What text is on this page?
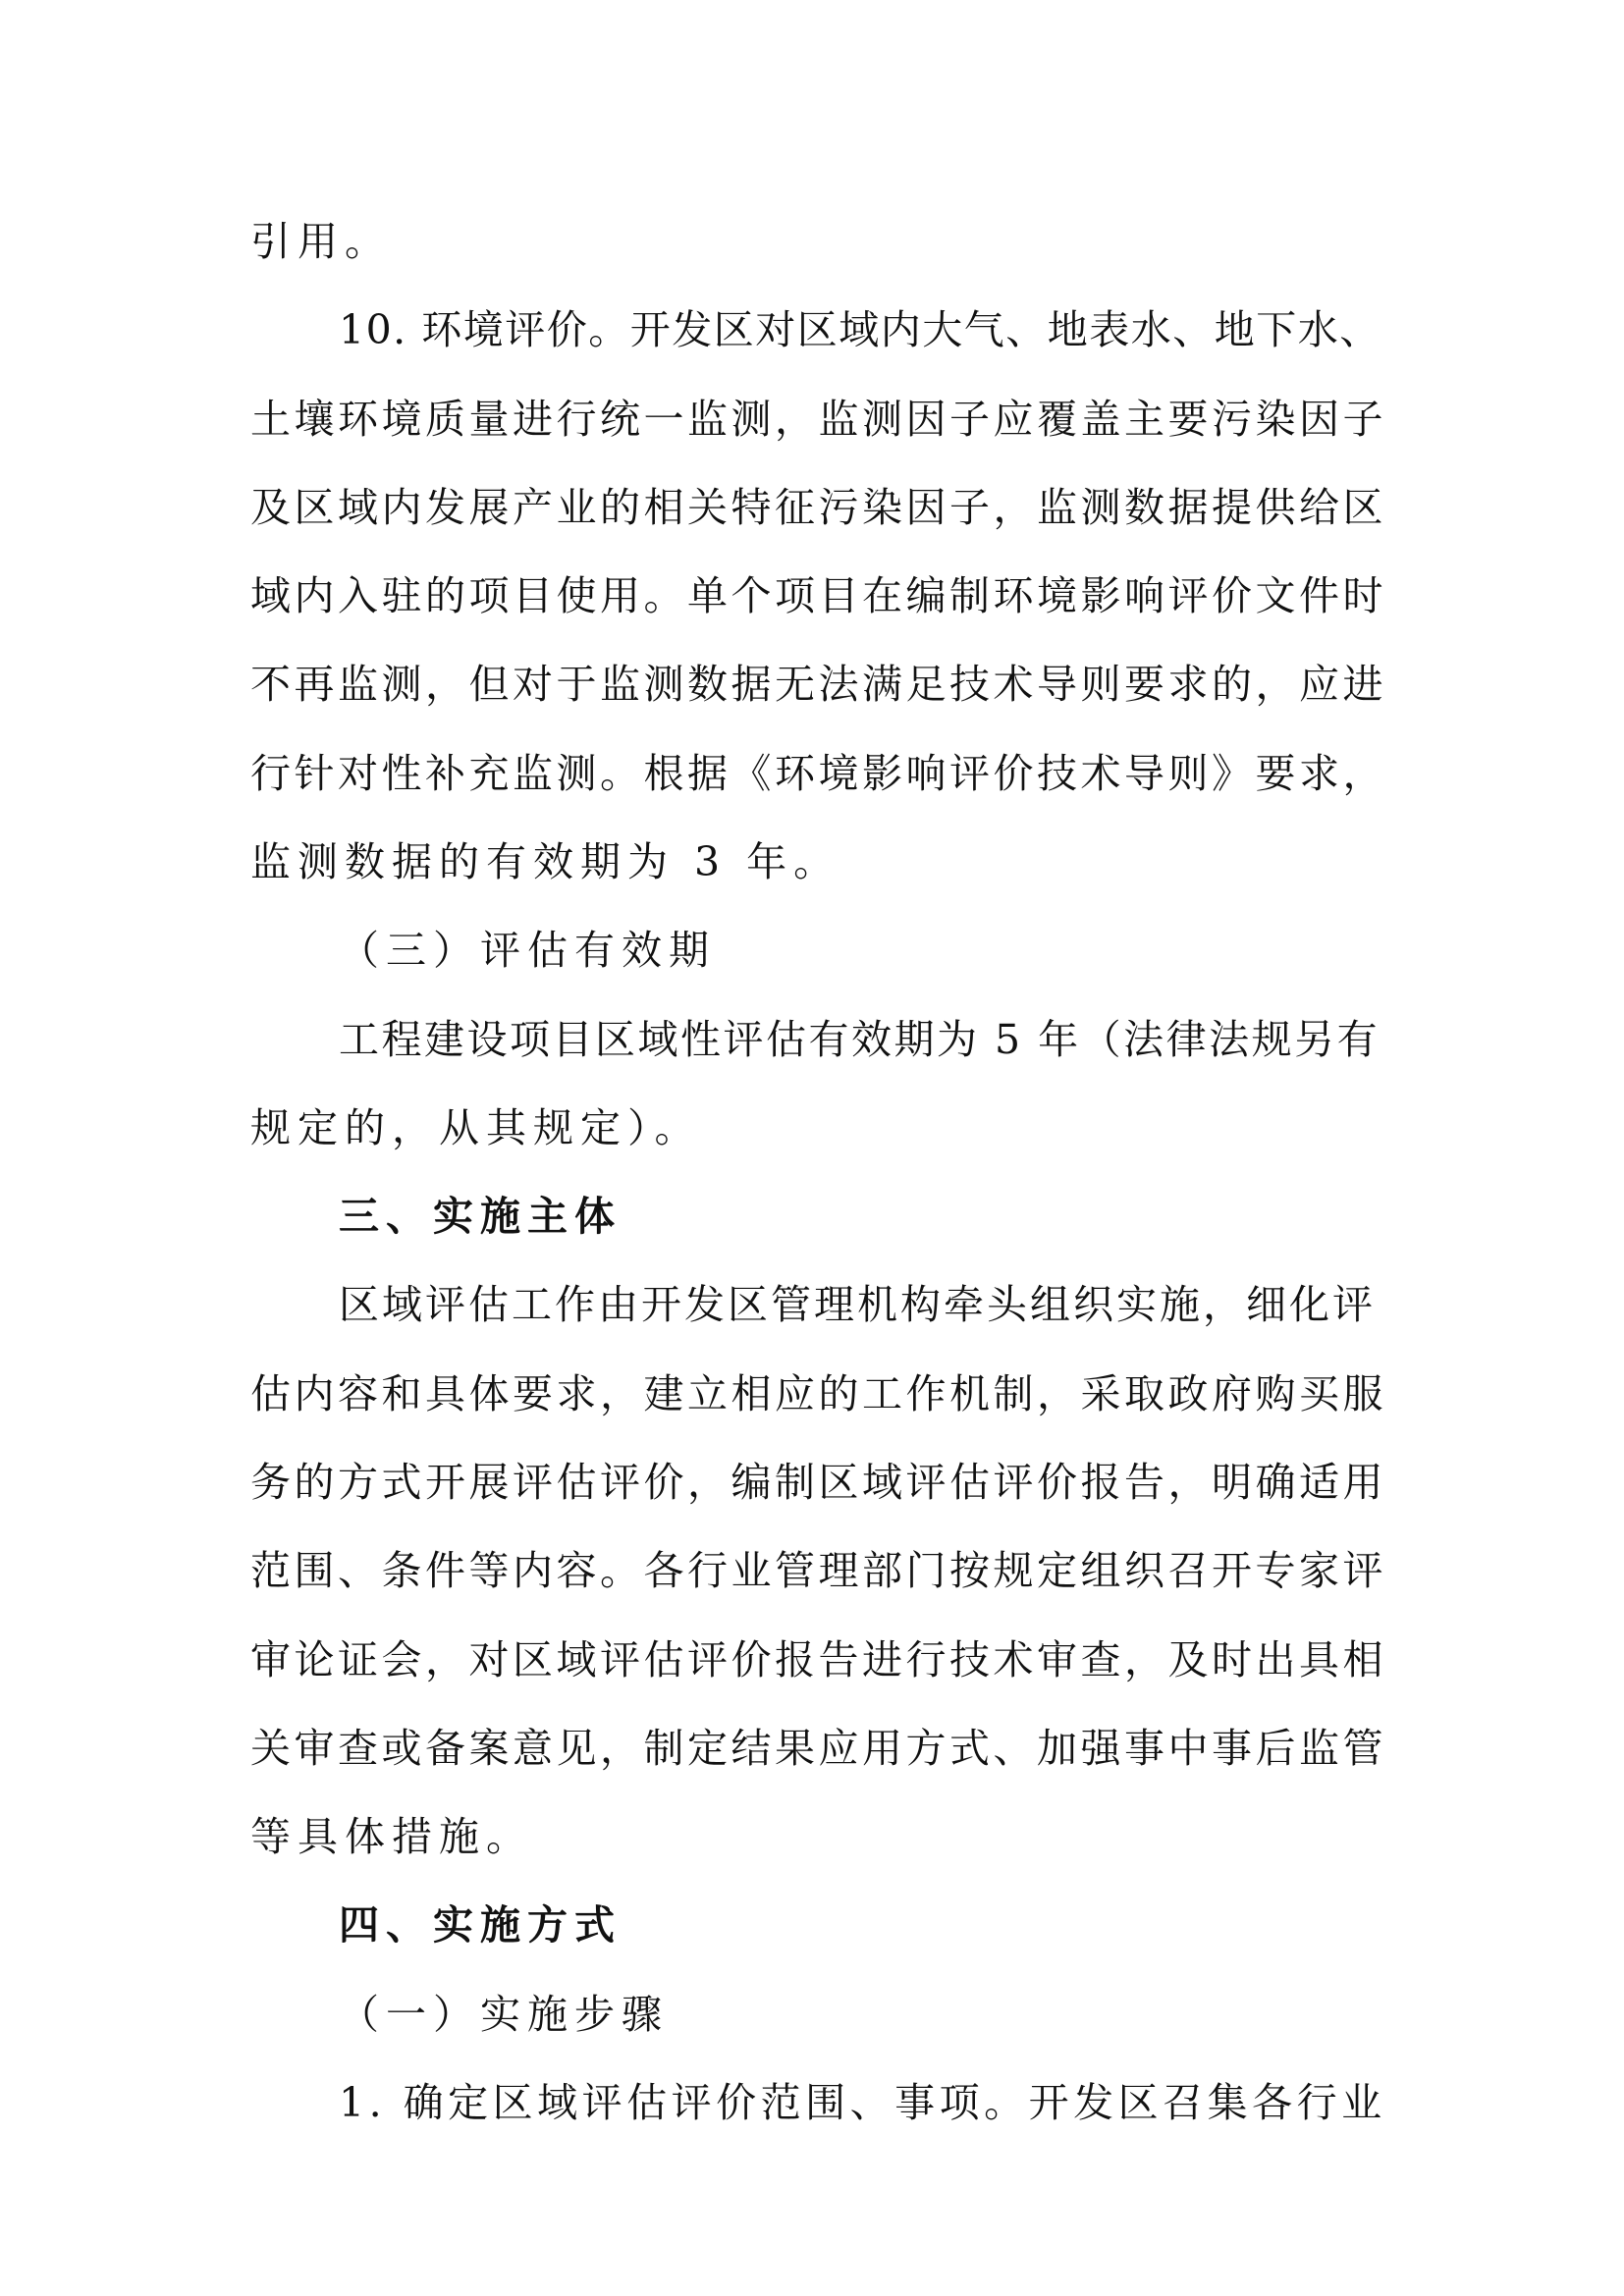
引用。
10. 环境评价。开发区对区域内大气、地表水、地下水、
土壤环境质量进行统一监测，监测因子应覆盖主要污染因子
及区域内发展产业的相关特征污染因子，监测数据提供给区
域内入驻的项目使用。单个项目在编制环境影响评价文件时
不再监测，但对于监测数据无法满足技术导则要求的，应进
行针对性补充监测。根据《环境影响评价技术导则》要求，
监测数据的有效期为 3 年。
（三）评估有效期
工程建设项目区域性评估有效期为 5 年（法律法规另有
规定的，从其规定）。
三、实施主体
区域评估工作由开发区管理机构牵头组织实施，细化评
估内容和具体要求，建立相应的工作机制，采取政府购买服
务的方式开展评估评价，编制区域评估评价报告，明确适用
范围、条件等内容。各行业管理部门按规定组织召开专家评
审论证会，对区域评估评价报告进行技术审查，及时出具相
关审查或备案意见，制定结果应用方式、加强事中事后监管
等具体措施。
四、实施方式
（一）实施步骤
1. 确定区域评估评价范围、事项。开发区召集各行业
